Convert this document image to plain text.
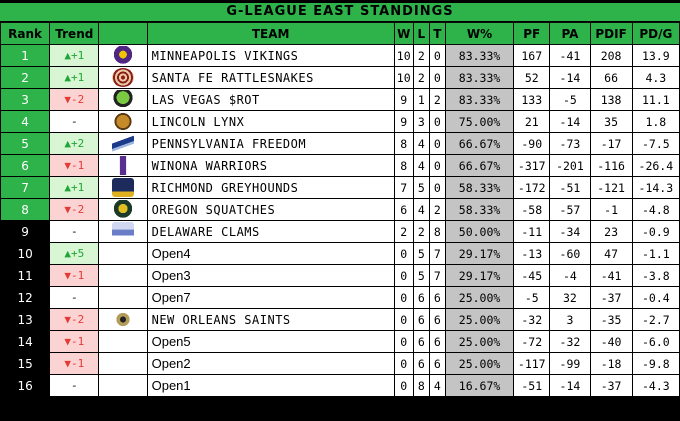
G-LEAGUE EAST STANDINGS
Rank	Trend		TEAM	W	L	T	W%	PF	PA	PDIF	PD/G
1	▲+1		MINNEAPOLIS VIKINGS	10	2	0	83.33%	167	-41	208	13.9
2	▲+1		SANTA FE RATTLESNAKES	10	2	0	83.33%	52	-14	66	4.3
3	▼-2		LAS VEGAS $ROT	9	1	2	83.33%	133	-5	138	11.1
4	-		LINCOLN LYNX	9	3	0	75.00%	21	-14	35	1.8
5	▲+2		PENNSYLVANIA FREEDOM	8	4	0	66.67%	-90	-73	-17	-7.5
6	▼-1		WINONA WARRIORS	8	4	0	66.67%	-317	-201	-116	-26.4
7	▲+1		RICHMOND GREYHOUNDS	7	5	0	58.33%	-172	-51	-121	-14.3
8	▼-2		OREGON SQUATCHES	6	4	2	58.33%	-58	-57	-1	-4.8
9	-		DELAWARE CLAMS	2	2	8	50.00%	-11	-34	23	-0.9
10	▲+5		Open4	0	5	7	29.17%	-13	-60	47	-1.1
11	▼-1		Open3	0	5	7	29.17%	-45	-4	-41	-3.8
12	-		Open7	0	6	6	25.00%	-5	32	-37	-0.4
13	▼-2		NEW ORLEANS SAINTS	0	6	6	25.00%	-32	3	-35	-2.7
14	▼-1		Open5	0	6	6	25.00%	-72	-32	-40	-6.0
15	▼-1		Open2	0	6	6	25.00%	-117	-99	-18	-9.8
16	-		Open1	0	8	4	16.67%	-51	-14	-37	-4.3
